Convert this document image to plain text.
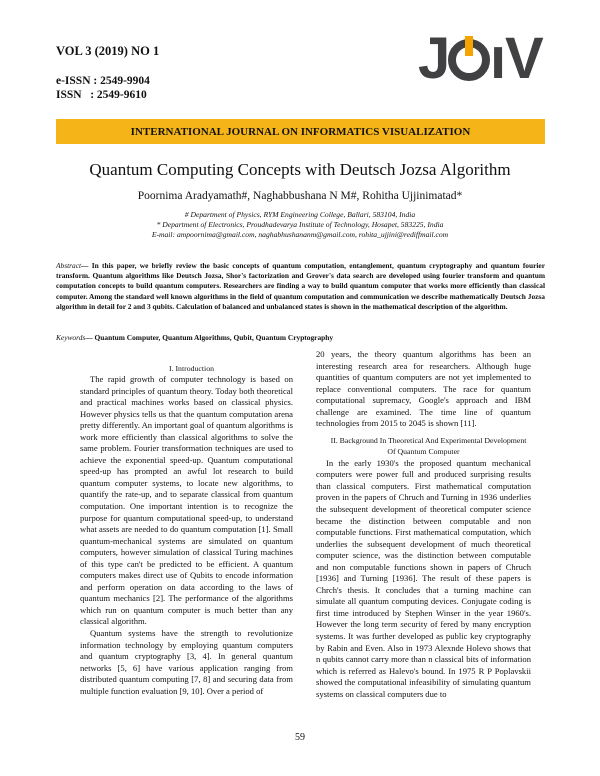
VOL 3 (2019) NO 1
e-ISSN : 2549-9904
ISSN   : 2549-9610
J ı
V
INTERNATIONAL JOURNAL ON INFORMATICS VISUALIZATION
Quantum Computing Concepts with Deutsch Jozsa Algorithm
Poornima Aradyamath#, Naghabbushana N M#, Rohitha Ujjinimatad*
# Department of Physics, RYM Engineering College, Ballari, 583104, India
* Department of Electronics, Proudhadevarya Institute of Technology, Hosapet, 583225, India
E-mail: ampoornima@gmail.com, naghabhushananm@gmail.com, rohita_ujjini@rediffmail.com
Abstract— In this paper, we briefly review the basic concepts of quantum computation, entanglement, quantum cryptography and quantum fourier transform. Quantum algorithms like Deutsch Jozsa, Shor's factorization and Grover's data search are developed using fourier transform and quantum computation concepts to build quantum computers. Researchers are finding a way to build quantum computer that works more efficiently than classical computer. Among the standard well known algorithms in the field of quantum computation and communication we describe mathematically Deutsch Jozsa algorithm in detail for 2 and 3 qubits. Calculation of balanced and unbalanced states is shown in the mathematical description of the algorithm.
Keywords— Quantum Computer, Quantum Algorithms, Qubit, Quantum Cryptography

I. Introduction

The rapid growth of computer technology is based on standard principles of quantum theory. Today both theoretical and practical machines works based on classical physics. However physics tells us that the quantum computation arena pretty differently. An important goal of quantum algorithms is work more efficiently than classical algorithms to solve the same problem. Fourier transformation techniques are used to achieve the exponential speed-up. Quantum computational speed-up has prompted an awful lot research to build quantum computer systems, to locate new algorithms, to quantify the rate-up, and to separate classical from quantum computation. One important intention is to recognize the purpose for quantum computational speed-up, to understand what assets are needed to do quantum computation [1]. Small quantum-mechanical systems are simulated on quantum computers, however simulation of classical Turing machines of this type can't be predicted to be efficient. A quantum computers makes direct use of Qubits to encode information and perform operation on data according to the laws of quantum mechanics [2]. The performance of the algorithms which run on quantum computer is much better than any classical algorithm.

Quantum systems have the strength to revolutionize information technology by employing quantum computers and quantum cryptography [3, 4]. In general quantum networks [5, 6] have various application ranging from distributed quantum computing [7, 8] and securing data from multiple function evaluation [9, 10]. Over a period of

20 years, the theory quantum algorithms has been an interesting research area for researchers. Although huge quantities of quantum computers are not yet implemented to replace conventional computers. The race for quantum computational supremacy, Google's approach and IBM challenge are examined. The time line of quantum technologies from 2015 to 2045 is shown [11].

II. Background In Theoretical And Experimental Development Of Quantum Computer

In the early 1930's the proposed quantum mechanical computers were power full and produced surprising results than classical computers. First mathematical computation proven in the papers of Chruch and Turning in 1936 underlies the subsequent development of theoretical computer science became the distinction between computable and non computable functions. First mathematical computation, which underlies the subsequent development of much theoretical computer science, was the distinction between computable and non computable functions shown in papers of Chruch [1936] and Turning [1936]. The result of these papers is Chrch's thesis. It concludes that a turning machine can simulate all quantum computing devices. Conjugate coding is first time introduced by Stephen Winser in the year 1960's. However the long term security of fered by many encryption systems. It was further developed as public key cryptography by Rabin and Even. Also in 1973 Alexnde Holevo shows that n qubits cannot carry more than n classical bits of information which is referred as Halevo's bound. In 1975 R P Poplavskii showed the computational infeasibility of simulating quantum systems on classical computers due to

59
